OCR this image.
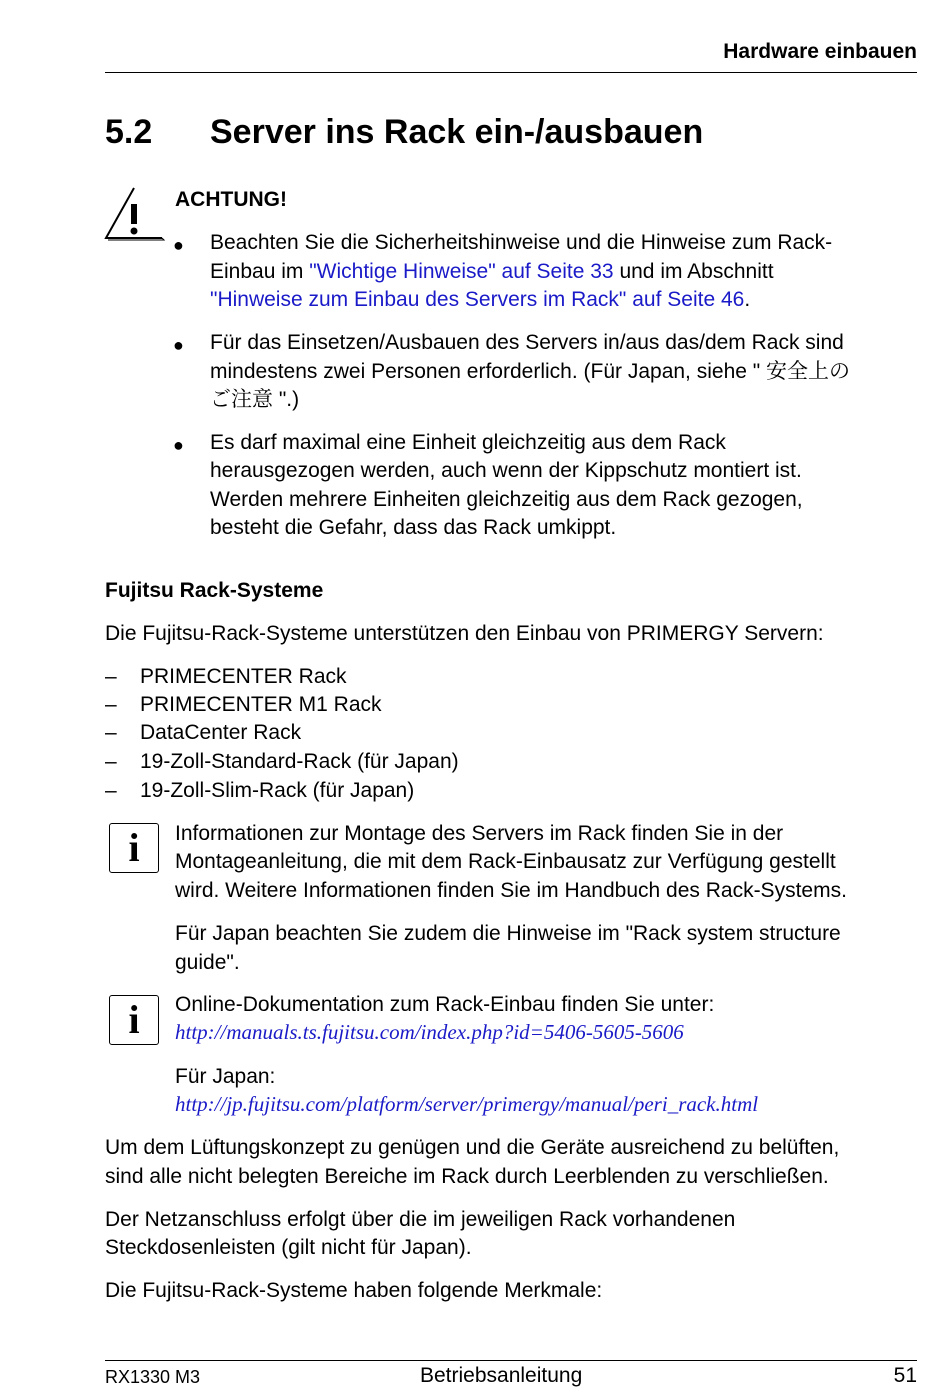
Hardware einbauen
5.2 Server ins Rack ein-/ausbauen
ACHTUNG!
● Beachten Sie die Sicherheitshinweise und die Hinweise zum Rack-
Einbau im "Wichtige Hinweise" auf Seite 33 und im Abschnitt
"Hinweise zum Einbau des Servers im Rack" auf Seite 46.
● Für das Einsetzen/Ausbauen des Servers in/aus das/dem Rack sind
mindestens zwei Personen erforderlich. (Für Japan, siehe " 安全上の
ご注意 ".)
● Es darf maximal eine Einheit gleichzeitig aus dem Rack
herausgezogen werden, auch wenn der Kippschutz montiert ist.
Werden mehrere Einheiten gleichzeitig aus dem Rack gezogen,
besteht die Gefahr, dass das Rack umkippt.
Fujitsu Rack-Systeme
Die Fujitsu-Rack-Systeme unterstützen den Einbau von PRIMERGY Servern:
– PRIMECENTER Rack
– PRIMECENTER M1 Rack
– DataCenter Rack
– 19-Zoll-Standard-Rack (für Japan)
– 19-Zoll-Slim-Rack (für Japan)
i	Informationen zur Montage des Servers im Rack finden Sie in der
Montageanleitung, die mit dem Rack-Einbausatz zur Verfügung gestellt
wird. Weitere Informationen finden Sie im Handbuch des Rack-Systems.
Für Japan beachten Sie zudem die Hinweise im "Rack system structure
guide".
i	Online-Dokumentation zum Rack-Einbau finden Sie unter:
http://manuals.ts.fujitsu.com/index.php?id=5406-5605-5606
Für Japan:
http://jp.fujitsu.com/platform/server/primergy/manual/peri_rack.html
Um dem Lüftungskonzept zu genügen und die Geräte ausreichend zu belüften,
sind alle nicht belegten Bereiche im Rack durch Leerblenden zu verschließen.
Der Netzanschluss erfolgt über die im jeweiligen Rack vorhandenen
Steckdosenleisten (gilt nicht für Japan).
Die Fujitsu-Rack-Systeme haben folgende Merkmale:
RX1330 M3	Betriebsanleitung	51
